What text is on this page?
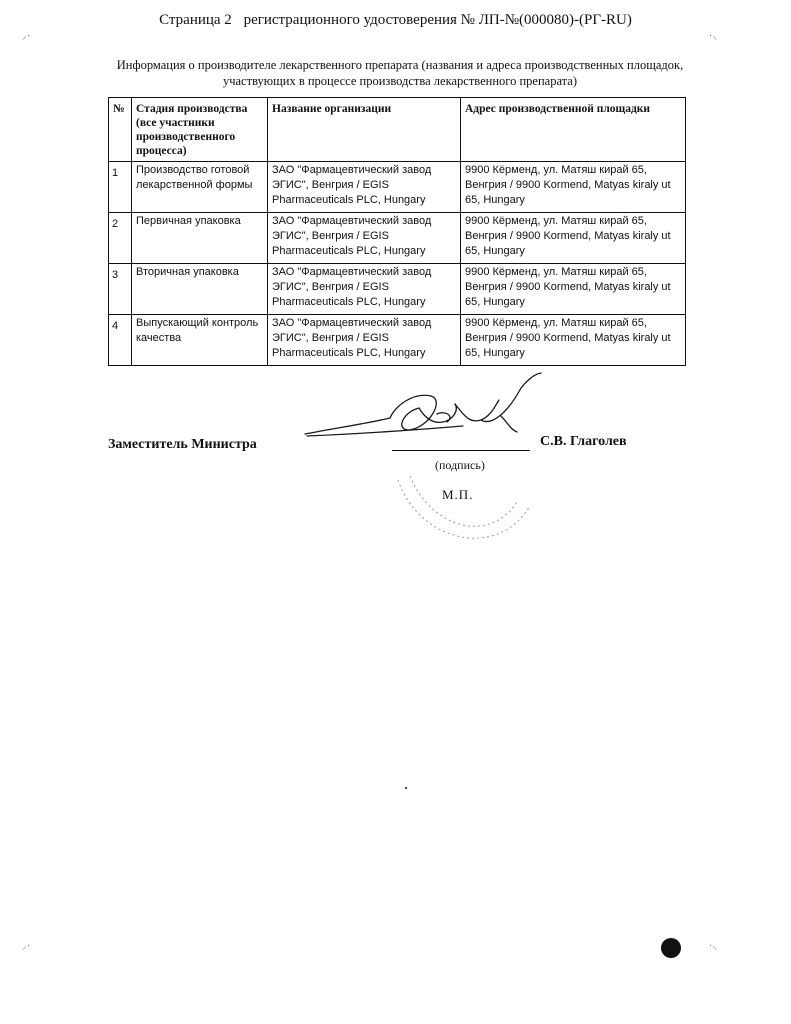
Страница 2 регистрационного удостоверения № ЛП-№(000080)-(РГ-RU)
Информация о производителе лекарственного препарата (названия и адреса производственных площадок,
участвующих в процессе производства лекарственного препарата)
№	Стадия производства (все участники производственного процесса)	Название организации	Адрес производственной площадки
1	Производство готовой лекарственной формы	ЗАО "Фармацевтический завод ЭГИС", Венгрия / EGIS Pharmaceuticals PLC, Hungary	9900 Кёрменд, ул. Матяш кирай 65, Венгрия / 9900 Kormend, Matyas kiraly ut 65, Hungary
2	Первичная упаковка	ЗАО "Фармацевтический завод ЭГИС", Венгрия / EGIS Pharmaceuticals PLC, Hungary	9900 Кёрменд, ул. Матяш кирай 65, Венгрия / 9900 Kormend, Matyas kiraly ut 65, Hungary
3	Вторичная упаковка	ЗАО "Фармацевтический завод ЭГИС", Венгрия / EGIS Pharmaceuticals PLC, Hungary	9900 Кёрменд, ул. Матяш кирай 65, Венгрия / 9900 Kormend, Matyas kiraly ut 65, Hungary
4	Выпускающий контроль качества	ЗАО "Фармацевтический завод ЭГИС", Венгрия / EGIS Pharmaceuticals PLC, Hungary	9900 Кёрменд, ул. Матяш кирай 65, Венгрия / 9900 Kormend, Matyas kiraly ut 65, Hungary
Заместитель Министра	С.В. Глаголев
(подпись)
М.П.
⸝·	·⸜
⸝·	·⸜
